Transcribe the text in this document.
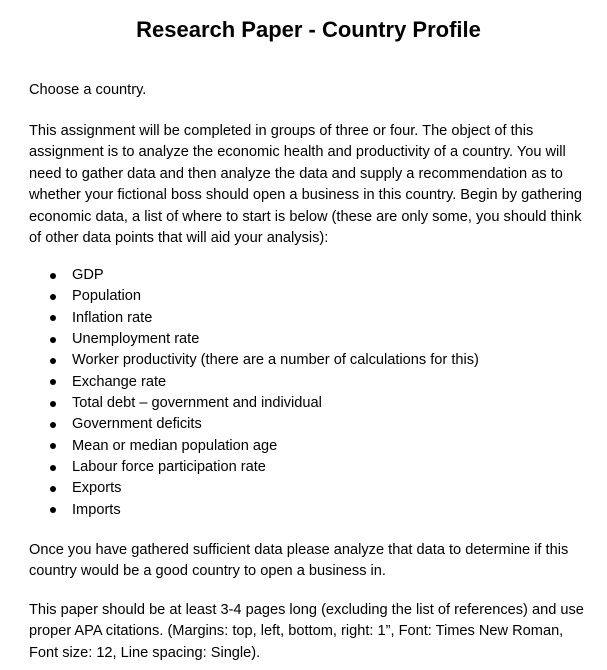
Research Paper - Country Profile

Choose a country.

This assignment will be completed in groups of three or four. The object of this assignment is to analyze the economic health and productivity of a country. You will need to gather data and then analyze the data and supply a recommendation as to whether your fictional boss should open a business in this country. Begin by gathering economic data, a list of where to start is below (these are only some, you should think of other data points that will aid your analysis):

GDP
Population
Inflation rate
Unemployment rate
Worker productivity (there are a number of calculations for this)
Exchange rate
Total debt – government and individual
Government deficits
Mean or median population age
Labour force participation rate
Exports
Imports

Once you have gathered sufficient data please analyze that data to determine if this country would be a good country to open a business in.

This paper should be at least 3-4 pages long (excluding the list of references) and use proper APA citations. (Margins: top, left, bottom, right: 1”, Font: Times New Roman, Font size: 12, Line spacing: Single).
